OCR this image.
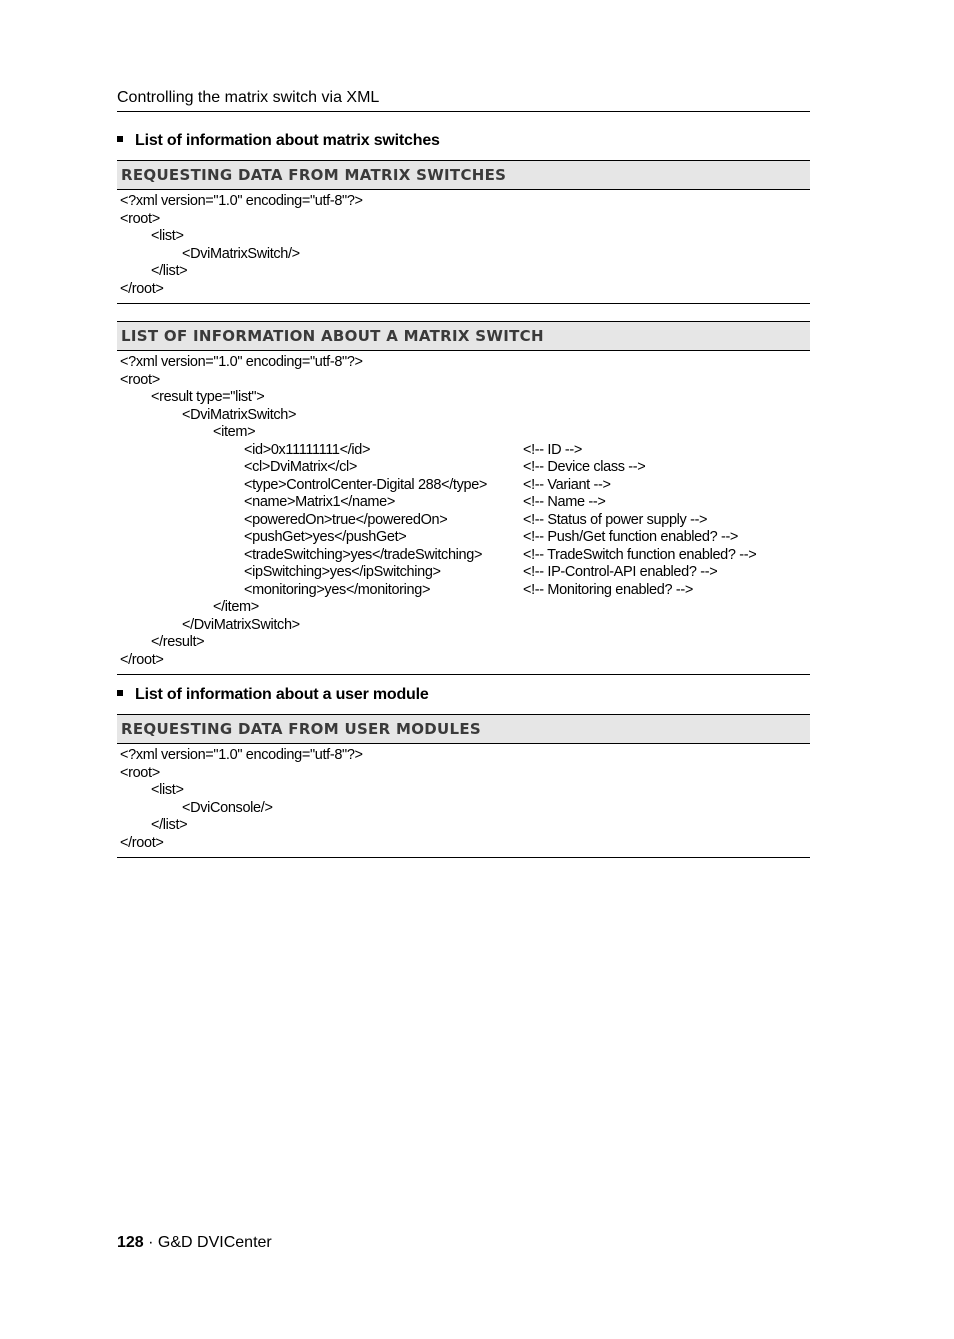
Controlling the matrix switch via XML
List of information about matrix switches
REQUESTING DATA FROM MATRIX SWITCHES
<?xml version="1.0" encoding="utf-8"?>
<root>
<list>
<DviMatrixSwitch/>
</list>
</root>
LIST OF INFORMATION ABOUT A MATRIX SWITCH
<?xml version="1.0" encoding="utf-8"?>
<root>
<result type="list">
<DviMatrixSwitch>
<item>
<id>0x11111111</id>	<!-- ID -->
<cl>DviMatrix</cl>	<!-- Device class -->
<type>ControlCenter-Digital 288</type> <!-- Variant -->
<name>Matrix1</name>	<!-- Name -->
<poweredOn>true</poweredOn>	<!-- Status of power supply -->
<pushGet>yes</pushGet>	<!-- Push/Get function enabled? -->
<tradeSwitching>yes</tradeSwitching>	<!-- TradeSwitch function enabled? -->
<ipSwitching>yes</ipSwitching>	<!-- IP-Control-API enabled? -->
<monitoring>yes</monitoring>	<!-- Monitoring enabled? -->
</item>
</DviMatrixSwitch>
</result>
</root>
List of information about a user module
REQUESTING DATA FROM USER MODULES
<?xml version="1.0" encoding="utf-8"?>
<root>
<list>
<DviConsole/>
</list>
</root>
128 · G&D DVICenter
